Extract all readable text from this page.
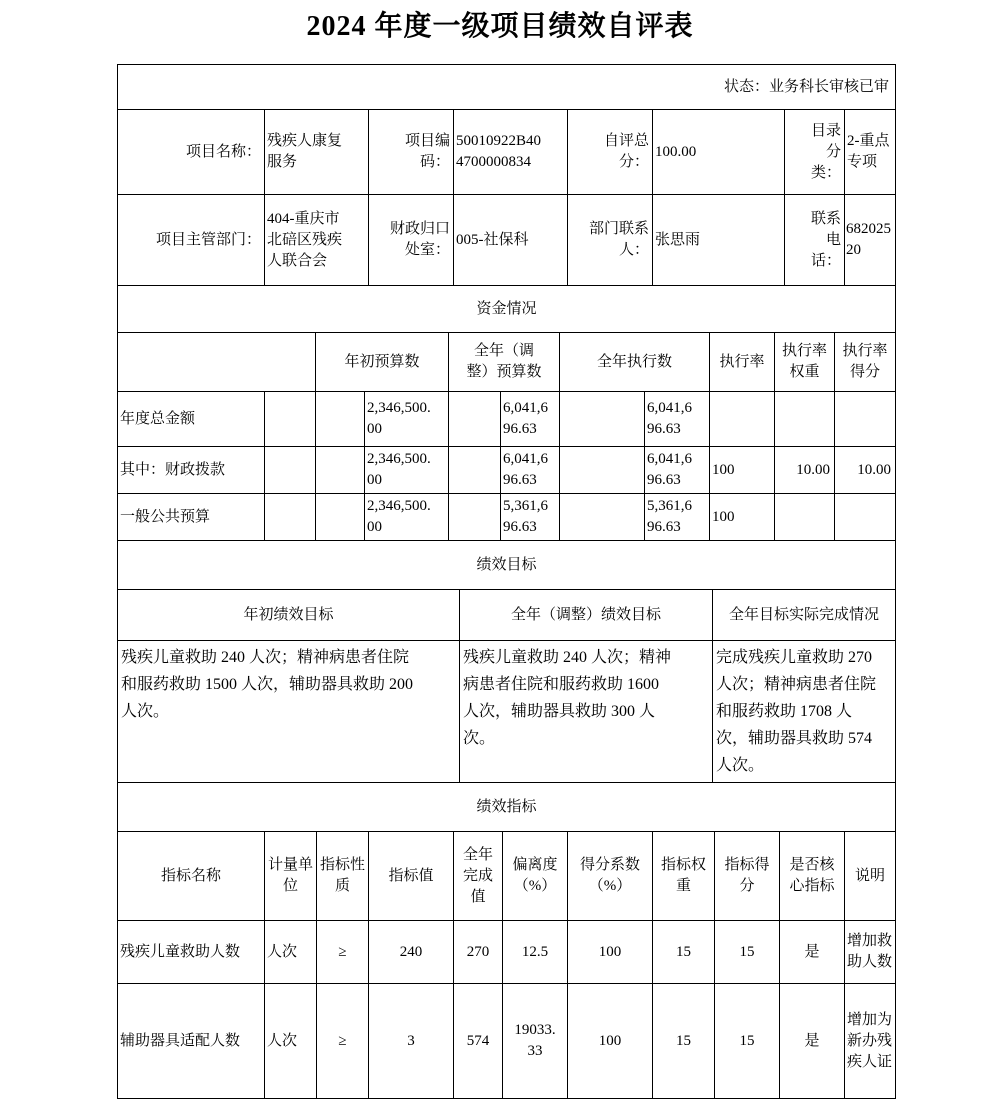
2024 年度一级项目绩效自评表
状态：业务科长审核已审
项目名称：	残疾人康复服务	项目编码：	50010922B404700000834	自评总分：	100.00	目录分类：	2-重点专项
项目主管部门：	404-重庆市北碚区残疾人联合会	财政归口处室：	005-社保科	部门联系人：	张思雨	联系电话：	68202520
资金情况
		年初预算数		全年（调整）预算数		全年执行数		执行率	执行率权重	执行率得分
年度总金额			2,346,500.00		6,041,696.63		6,041,696.63			
其中：财政拨款			2,346,500.00		6,041,696.63		6,041,696.63	100	10.00	10.00
一般公共预算			2,346,500.00		5,361,696.63		5,361,696.63	100		
绩效目标
年初绩效目标	全年（调整）绩效目标	全年目标实际完成情况
残疾儿童救助 240 人次；精神病患者住院和服药救助 1500 人次，辅助器具救助 200 人次。	残疾儿童救助 240 人次；精神病患者住院和服药救助 1600 人次，辅助器具救助 300 人次。	完成残疾儿童救助 270 人次；精神病患者住院和服药救助 1708 人次，辅助器具救助 574 人次。
绩效指标
指标名称	计量单位	指标性质	指标值	全年完成值	偏离度（%）	得分系数（%）	指标权重	指标得分	是否核心指标	说明
残疾儿童救助人数	人次	≥	240	270	12.5	100	15	15	是	增加救助人数
辅助器具适配人数	人次	≥	3	574	19033.33	100	15	15	是	增加为新办残疾人证
